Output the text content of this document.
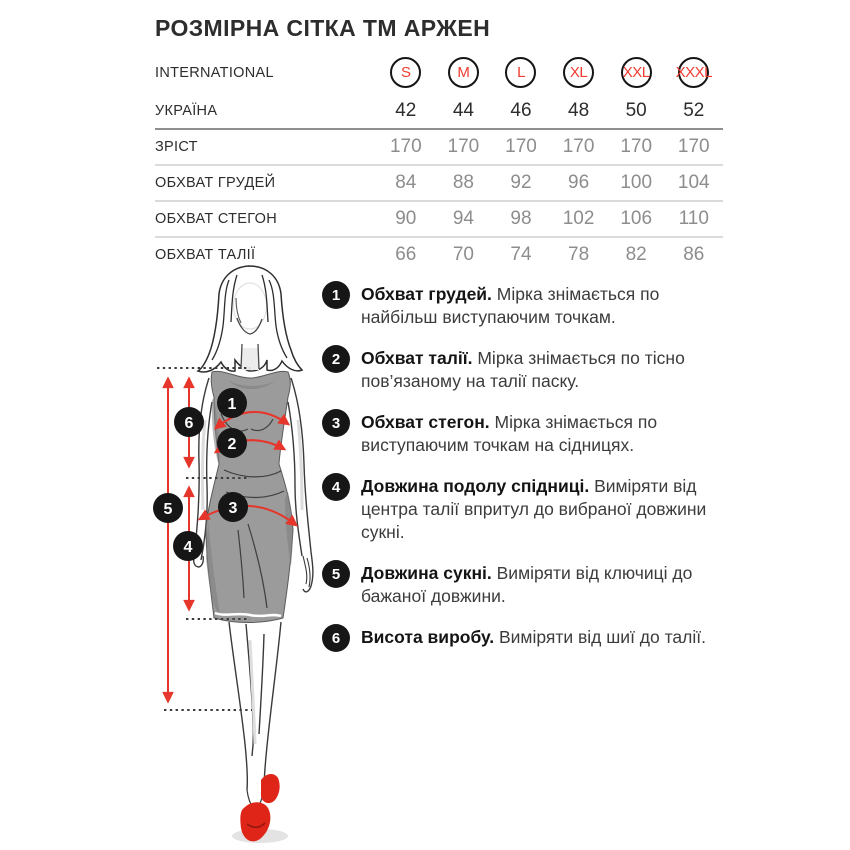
РОЗМІРНА СІТКА ТМ АРЖЕН
INTERNATIONAL	S	M	L	XL XXL XXXL
УКРАЇНА	42	44	46	48	50	52
ЗРІСТ	170	170	170	170	170	170
ОБХВАТ ГРУДЕЙ	84	88	92	96	100	104
ОБХВАТ СТЕГОН	90	94	98	102	106	110
ОБХВАТ ТАЛІЇ	66	70	74	78	82	86
1
2
3
4
5
6
1	Обхват грудей. Мірка знімається по найбільш виступаючим точкам.
2	Обхват талії. Мірка знімається по тісно пов’язаному на талії паску.
3	Обхват стегон. Мірка знімається по виступаючим точкам на сідницях.
4	Довжина подолу спідниці. Виміряти від центра талії впритул до вибраної довжини сукні.
5	Довжина сукні. Виміряти від ключиці до бажаної довжини.
6	Висота виробу. Виміряти від шиї до талії.
